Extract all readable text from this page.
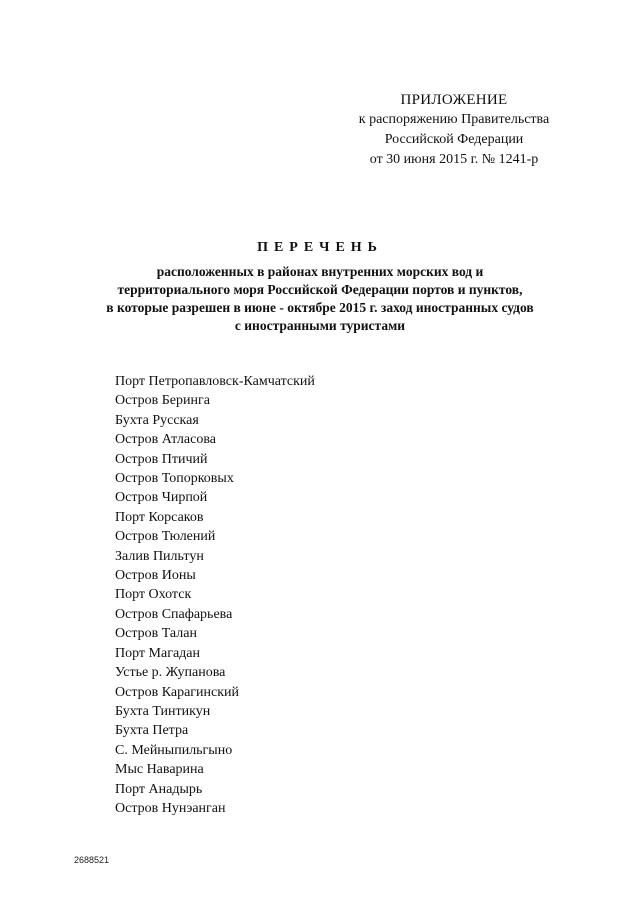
ПРИЛОЖЕНИЕ
к распоряжению Правительства
Российской Федерации
от 30 июня 2015 г. № 1241-р
ПЕРЕЧЕНЬ
расположенных в районах внутренних морских вод и
территориального моря Российской Федерации портов и пунктов,
в которые разрешен в июне - октябре 2015 г. заход иностранных судов
с иностранными туристами
Порт Петропавловск-Камчатский
Остров Беринга
Бухта Русская
Остров Атласова
Остров Птичий
Остров Топорковых
Остров Чирпой
Порт Корсаков
Остров Тюлений
Залив Пильтун
Остров Ионы
Порт Охотск
Остров Спафарьева
Остров Талан
Порт Магадан
Устье р. Жупанова
Остров Карагинский
Бухта Тинтикун
Бухта Петра
С. Мейныпильгыно
Мыс Наварина
Порт Анадырь
Остров Нунэанган
2688521
